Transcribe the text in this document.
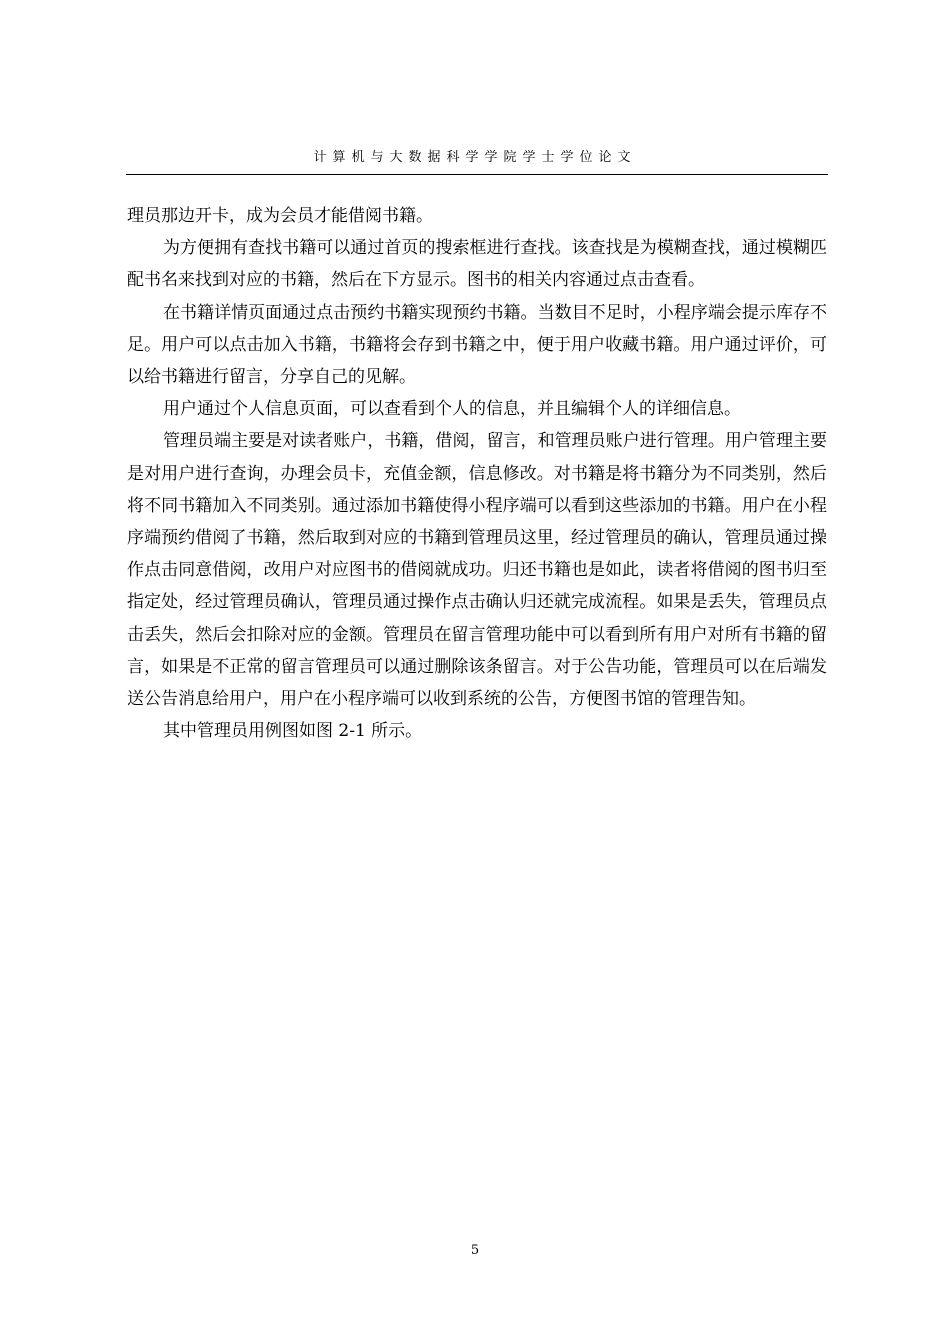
计算机与大数据科学学院学士学位论文

理员那边开卡，成为会员才能借阅书籍。

为方便拥有查找书籍可以通过首页的搜索框进行查找。该查找是为模糊查找，通过模糊匹配书名来找到对应的书籍，然后在下方显示。图书的相关内容通过点击查看。

在书籍详情页面通过点击预约书籍实现预约书籍。当数目不足时，小程序端会提示库存不足。用户可以点击加入书籍，书籍将会存到书籍之中，便于用户收藏书籍。用户通过评价，可以给书籍进行留言，分享自己的见解。

用户通过个人信息页面，可以查看到个人的信息，并且编辑个人的详细信息。

管理员端主要是对读者账户，书籍，借阅，留言，和管理员账户进行管理。用户管理主要是对用户进行查询，办理会员卡，充值金额，信息修改。对书籍是将书籍分为不同类别，然后将不同书籍加入不同类别。通过添加书籍使得小程序端可以看到这些添加的书籍。用户在小程序端预约借阅了书籍，然后取到对应的书籍到管理员这里，经过管理员的确认，管理员通过操作点击同意借阅，改用户对应图书的借阅就成功。归还书籍也是如此，读者将借阅的图书归至指定处，经过管理员确认，管理员通过操作点击确认归还就完成流程。如果是丢失，管理员点击丢失，然后会扣除对应的金额。管理员在留言管理功能中可以看到所有用户对所有书籍的留言，如果是不正常的留言管理员可以通过删除该条留言。对于公告功能，管理员可以在后端发送公告消息给用户，用户在小程序端可以收到系统的公告，方便图书馆的管理告知。

其中管理员用例图如图 2-1 所示。

5
